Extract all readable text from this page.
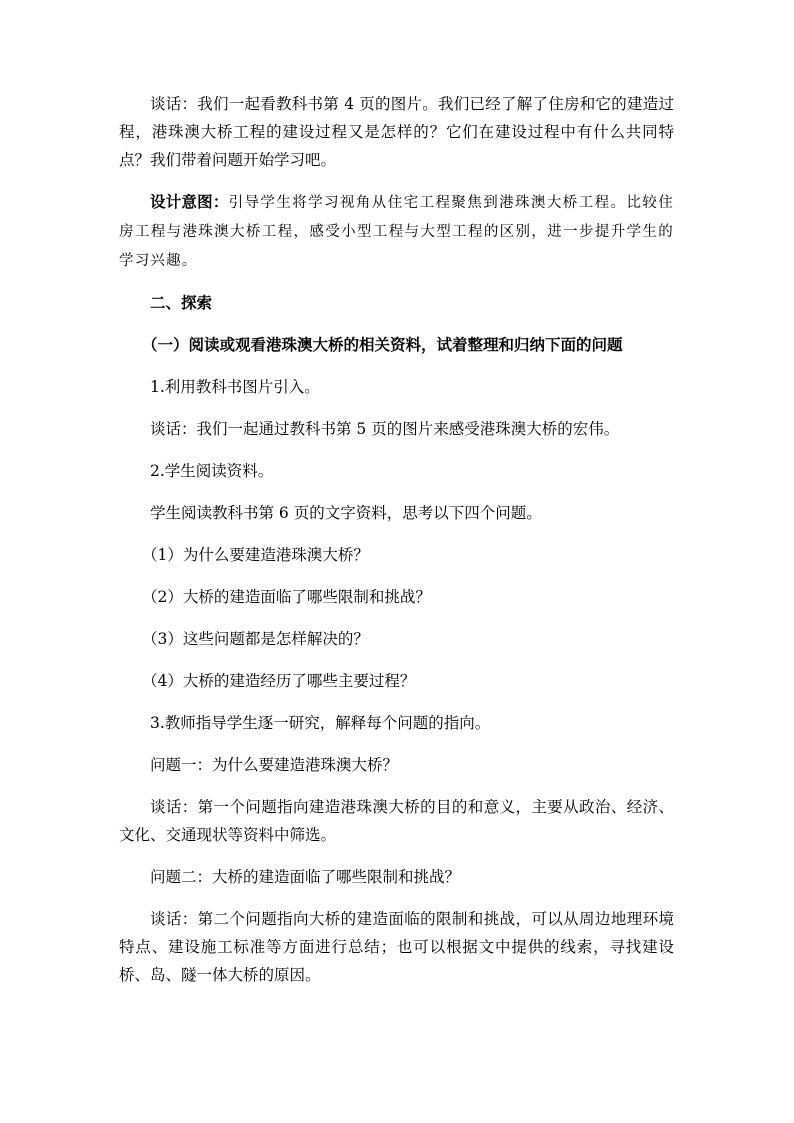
谈话：我们一起看教科书第 4 页的图片。我们已经了解了住房和它的建造过程，港珠澳大桥工程的建设过程又是怎样的？它们在建设过程中有什么共同特点？我们带着问题开始学习吧。

设计意图：引导学生将学习视角从住宅工程聚焦到港珠澳大桥工程。比较住房工程与港珠澳大桥工程，感受小型工程与大型工程的区别，进一步提升学生的学习兴趣。

二、探索

（一）阅读或观看港珠澳大桥的相关资料，试着整理和归纳下面的问题

1.利用教科书图片引入。

谈话：我们一起通过教科书第 5 页的图片来感受港珠澳大桥的宏伟。

2.学生阅读资料。

学生阅读教科书第 6 页的文字资料，思考以下四个问题。

（1）为什么要建造港珠澳大桥？

（2）大桥的建造面临了哪些限制和挑战？

（3）这些问题都是怎样解决的？

（4）大桥的建造经历了哪些主要过程？

3.教师指导学生逐一研究，解释每个问题的指向。

问题一：为什么要建造港珠澳大桥？

谈话：第一个问题指向建造港珠澳大桥的目的和意义，主要从政治、经济、文化、交通现状等资料中筛选。

问题二：大桥的建造面临了哪些限制和挑战？

谈话：第二个问题指向大桥的建造面临的限制和挑战，可以从周边地理环境特点、建设施工标准等方面进行总结；也可以根据文中提供的线索，寻找建设桥、岛、隧一体大桥的原因。
